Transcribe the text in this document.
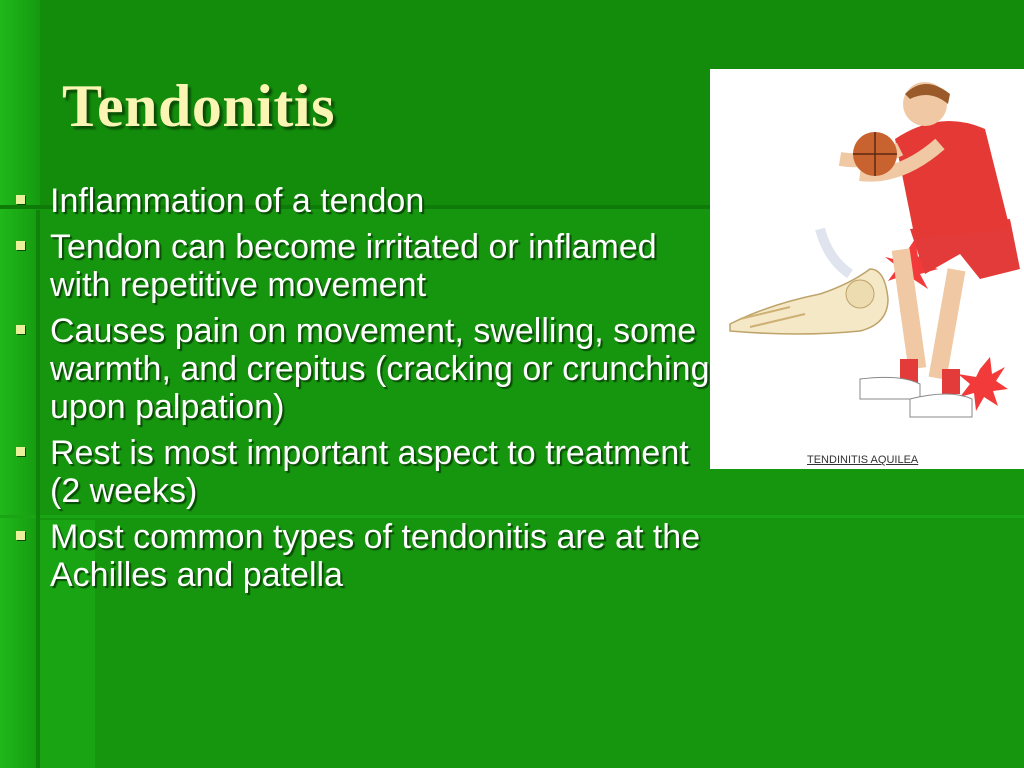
Tendonitis
Inflammation of a tendon
Tendon can become irritated or inflamed with repetitive movement
Causes pain on movement, swelling, some warmth, and crepitus (cracking or crunching upon palpation)
Rest is most important aspect to treatment (2 weeks)
Most common types of tendonitis are at the Achilles and patella
TENDINITIS AQUILEA
